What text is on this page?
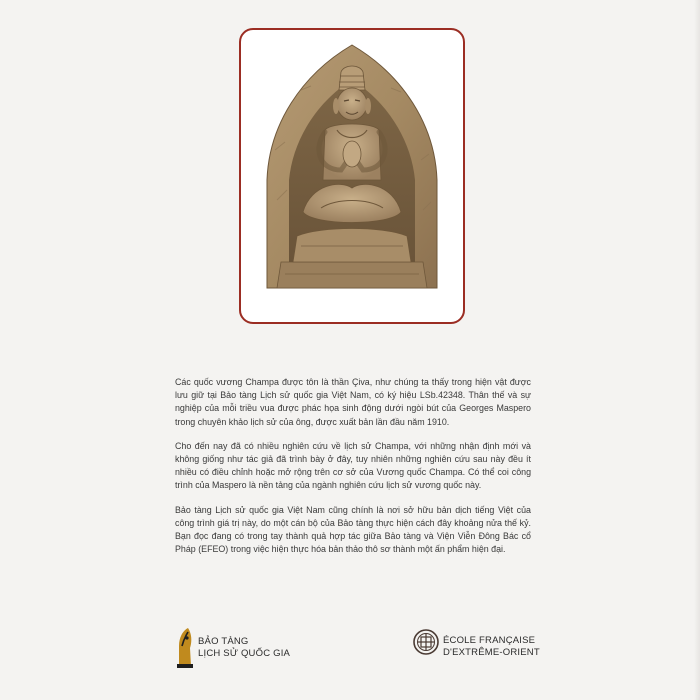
Các quốc vương Champa được tôn là thần Çiva, như chúng ta thấy trong hiện vật được lưu giữ tại Bảo tàng Lịch sử quốc gia Việt Nam, có ký hiệu LSb.42348. Thân thế và sự nghiệp của mỗi triều vua được phác họa sinh động dưới ngòi bút của Georges Maspero trong chuyên khảo lịch sử của ông, được xuất bản lần đầu năm 1910.

Cho đến nay đã có nhiều nghiên cứu về lịch sử Champa, với những nhận định mới và không giống như tác giả đã trình bày ở đây, tuy nhiên những nghiên cứu sau này đều ít nhiều có điều chỉnh hoặc mở rộng trên cơ sở của Vương quốc Champa. Có thể coi công trình của Maspero là nền tảng của ngành nghiên cứu lịch sử vương quốc này.

Bảo tàng Lịch sử quốc gia Việt Nam cũng chính là nơi sở hữu bản dịch tiếng Việt của công trình giá trị này, do một cán bộ của Bảo tàng thực hiện cách đây khoảng nửa thế kỷ. Bạn đọc đang có trong tay thành quả hợp tác giữa Bảo tàng và Viện Viễn Đông Bác cổ Pháp (EFEO) trong việc hiện thực hóa bản thảo thô sơ thành một ấn phẩm hiện đại.

BẢO TÀNG
LỊCH SỬ QUỐC GIA
ÉCOLE FRANÇAISE
D'EXTRÊME-ORIENT
